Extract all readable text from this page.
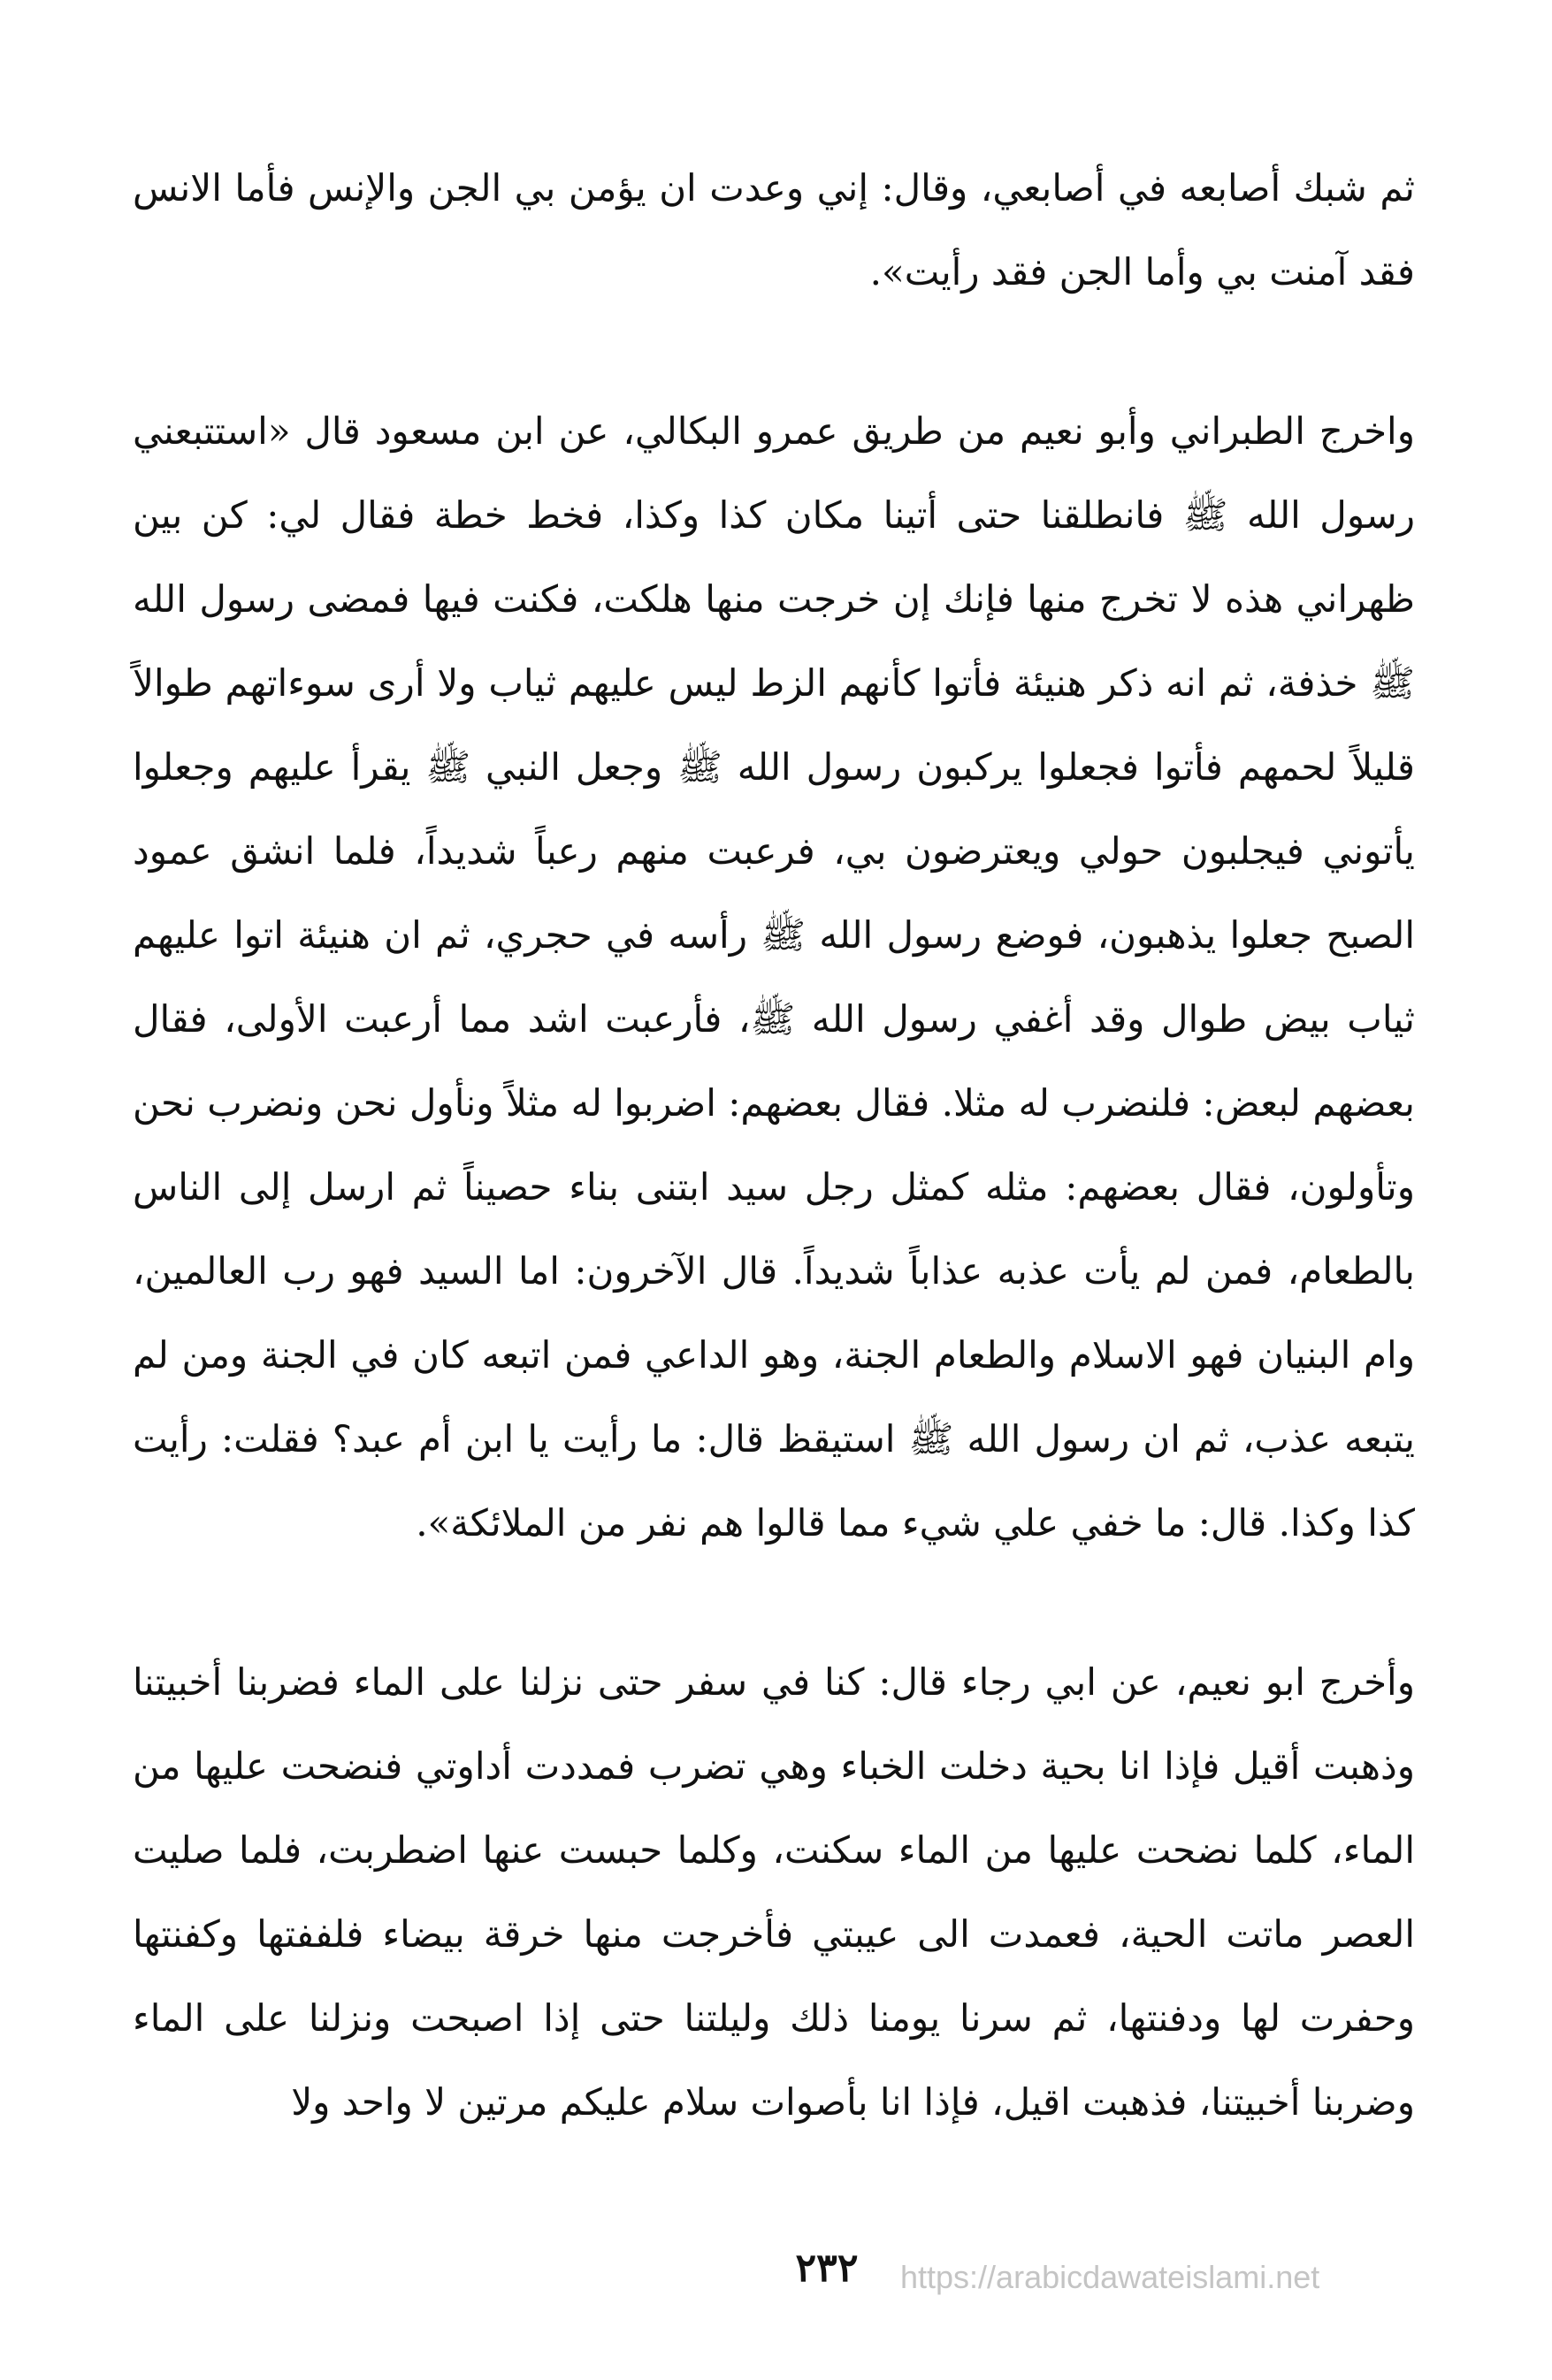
ثم شبك أصابعه في أصابعي، وقال: إني وعدت ان يؤمن بي الجن والإنس فأما الانس فقد آمنت بي وأما الجن فقد رأيت».

واخرج الطبراني وأبو نعيم من طريق عمرو البكالي، عن ابن مسعود قال «استتبعني رسول الله ﷺ فانطلقنا حتى أتينا مكان كذا وكذا، فخط خطة فقال لي: كن بين ظهراني هذه لا تخرج منها فإنك إن خرجت منها هلكت، فكنت فيها فمضى رسول الله ﷺ خذفة، ثم انه ذكر هنيئة فأتوا كأنهم الزط ليس عليهم ثياب ولا أرى سوءاتهم طوالاً قليلاً لحمهم فأتوا فجعلوا يركبون رسول الله ﷺ وجعل النبي ﷺ يقرأ عليهم وجعلوا يأتوني فيجلبون حولي ويعترضون بي، فرعبت منهم رعباً شديداً، فلما انشق عمود الصبح جعلوا يذهبون، فوضع رسول الله ﷺ رأسه في حجري، ثم ان هنيئة اتوا عليهم ثياب بيض طوال وقد أغفي رسول الله ﷺ، فأرعبت اشد مما أرعبت الأولى، فقال بعضهم لبعض: فلنضرب له مثلا. فقال بعضهم: اضربوا له مثلاً ونأول نحن ونضرب نحن وتأولون، فقال بعضهم: مثله كمثل رجل سيد ابتنى بناء حصيناً ثم ارسل إلى الناس بالطعام، فمن لم يأت عذبه عذاباً شديداً. قال الآخرون: اما السيد فهو رب العالمين، وام البنيان فهو الاسلام والطعام الجنة، وهو الداعي فمن اتبعه كان في الجنة ومن لم يتبعه عذب، ثم ان رسول الله ﷺ استيقظ قال: ما رأيت يا ابن أم عبد؟ فقلت: رأيت كذا وكذا. قال: ما خفي علي شيء مما قالوا هم نفر من الملائكة».

وأخرج ابو نعيم، عن ابي رجاء قال: كنا في سفر حتى نزلنا على الماء فضربنا أخبيتنا وذهبت أقيل فإذا انا بحية دخلت الخباء وهي تضرب فمددت أداوتي فنضحت عليها من الماء، كلما نضحت عليها من الماء سكنت، وكلما حبست عنها اضطربت، فلما صليت العصر ماتت الحية، فعمدت الى عيبتي فأخرجت منها خرقة بيضاء فلففتها وكفنتها وحفرت لها ودفنتها، ثم سرنا يومنا ذلك وليلتنا حتى إذا اصبحت ونزلنا على الماء وضربنا أخبيتنا، فذهبت اقيل، فإذا انا بأصوات سلام عليكم مرتين لا واحد ولا

٢٣٢	https://arabicdawateislami.net
